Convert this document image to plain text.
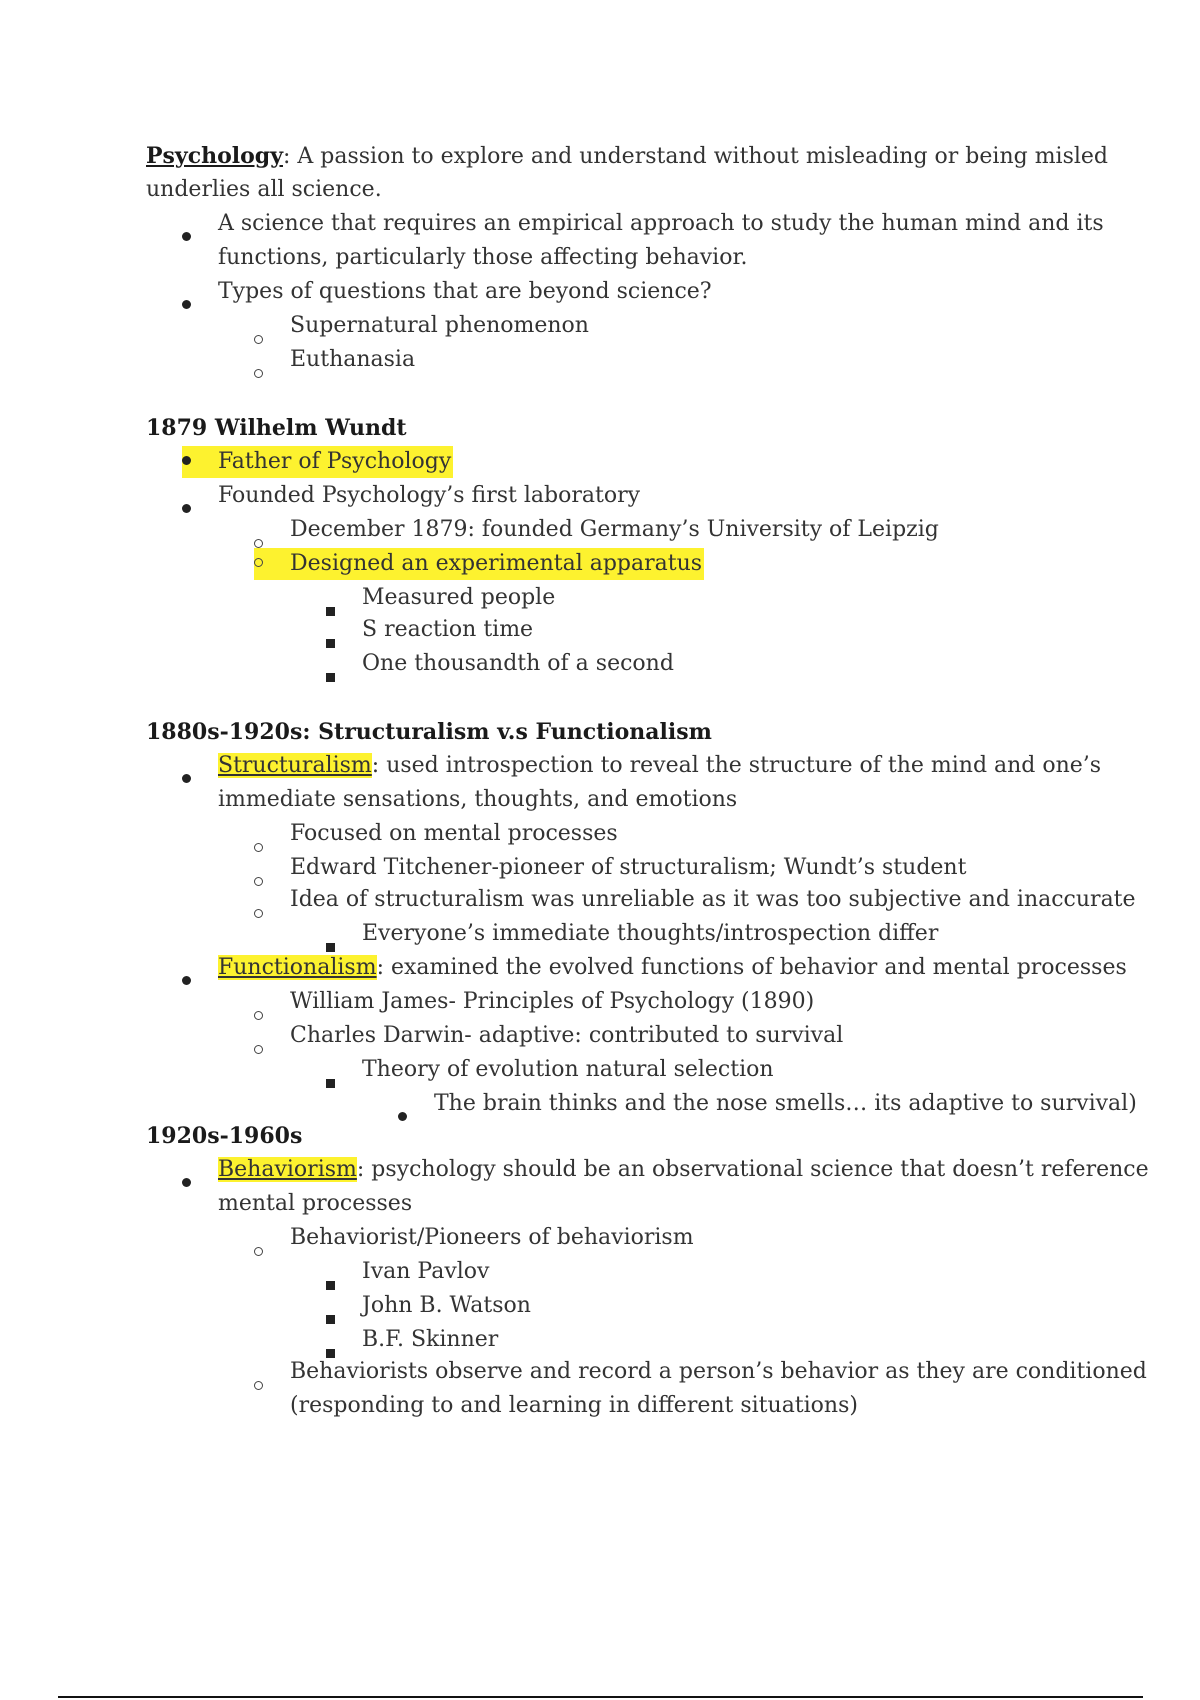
Psychology: A passion to explore and understand without misleading or being misled
underlies all science.
A science that requires an empirical approach to study the human mind and its
functions, particularly those affecting behavior.
Types of questions that are beyond science?
Supernatural phenomenon
Euthanasia
1879 Wilhelm Wundt
Father of Psychology
Founded Psychology’s first laboratory
December 1879: founded Germany’s University of Leipzig
Designed an experimental apparatus
Measured people
S reaction time
One thousandth of a second
1880s-1920s: Structuralism v.s Functionalism
Structuralism: used introspection to reveal the structure of the mind and one’s
immediate sensations, thoughts, and emotions
Focused on mental processes
Edward Titchener-pioneer of structuralism; Wundt’s student
Idea of structuralism was unreliable as it was too subjective and inaccurate
Everyone’s immediate thoughts/introspection differ
Functionalism: examined the evolved functions of behavior and mental processes
William James- Principles of Psychology (1890)
Charles Darwin- adaptive: contributed to survival
Theory of evolution natural selection
The brain thinks and the nose smells… its adaptive to survival)
1920s-1960s
Behaviorism: psychology should be an observational science that doesn’t reference
mental processes
Behaviorist/Pioneers of behaviorism
Ivan Pavlov
John B. Watson
B.F. Skinner
Behaviorists observe and record a person’s behavior as they are conditioned
(responding to and learning in different situations)
